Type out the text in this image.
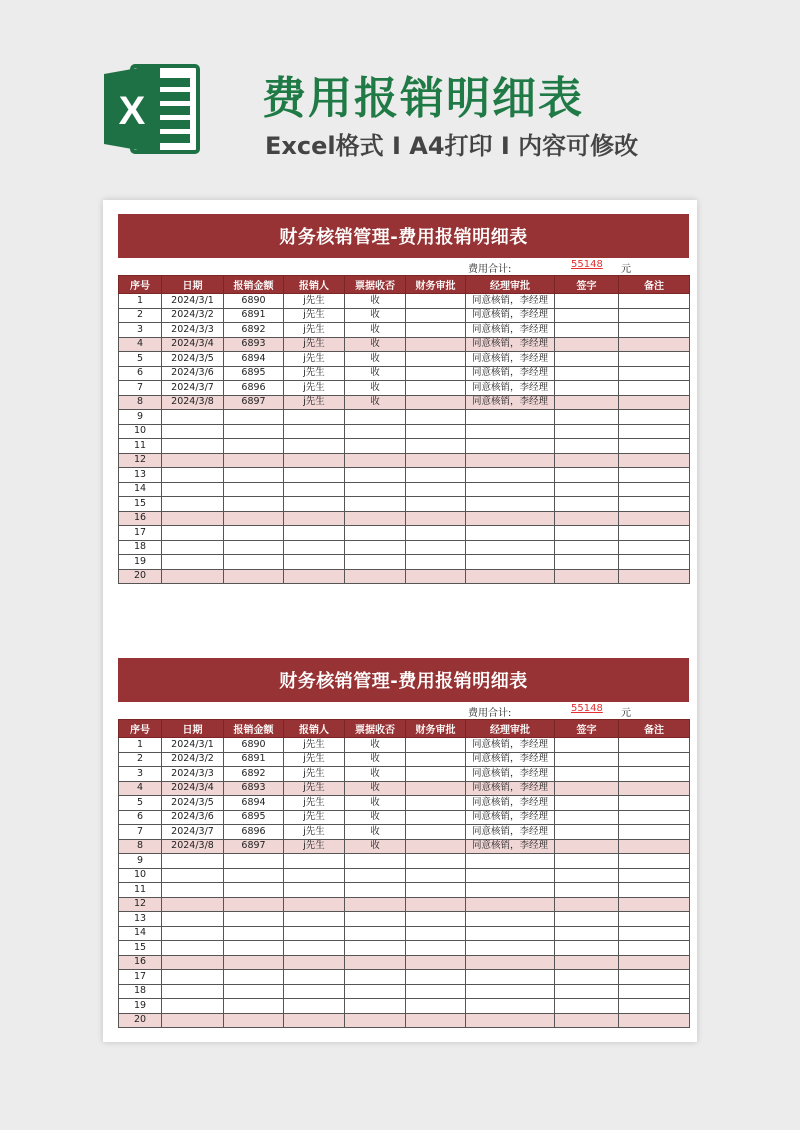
X	费用报销明细表
Excel格式 I A4打印 I 内容可修改
财务核销管理-费用报销明细表
费用合计:	55148 元
序号	日期	报销金额	报销人	票据收否	财务审批	经理审批	签字	备注
1	2024/3/1	6890	j先生	收		同意核销，李经理		
2	2024/3/2	6891	j先生	收		同意核销，李经理		
3	2024/3/3	6892	j先生	收		同意核销，李经理		
4	2024/3/4	6893	j先生	收		同意核销，李经理		
5	2024/3/5	6894	j先生	收		同意核销，李经理		
6	2024/3/6	6895	j先生	收		同意核销，李经理		
7	2024/3/7	6896	j先生	收		同意核销，李经理		
8	2024/3/8	6897	j先生	收		同意核销，李经理		
9								
10								
11								
12								
13								
14								
15								
16								
17								
18								
19								
20								
财务核销管理-费用报销明细表
费用合计:	55148 元
序号	日期	报销金额	报销人	票据收否	财务审批	经理审批	签字	备注
1	2024/3/1	6890	j先生	收		同意核销，李经理		
2	2024/3/2	6891	j先生	收		同意核销，李经理		
3	2024/3/3	6892	j先生	收		同意核销，李经理		
4	2024/3/4	6893	j先生	收		同意核销，李经理		
5	2024/3/5	6894	j先生	收		同意核销，李经理		
6	2024/3/6	6895	j先生	收		同意核销，李经理		
7	2024/3/7	6896	j先生	收		同意核销，李经理		
8	2024/3/8	6897	j先生	收		同意核销，李经理		
9								
10								
11								
12								
13								
14								
15								
16								
17								
18								
19								
20								
